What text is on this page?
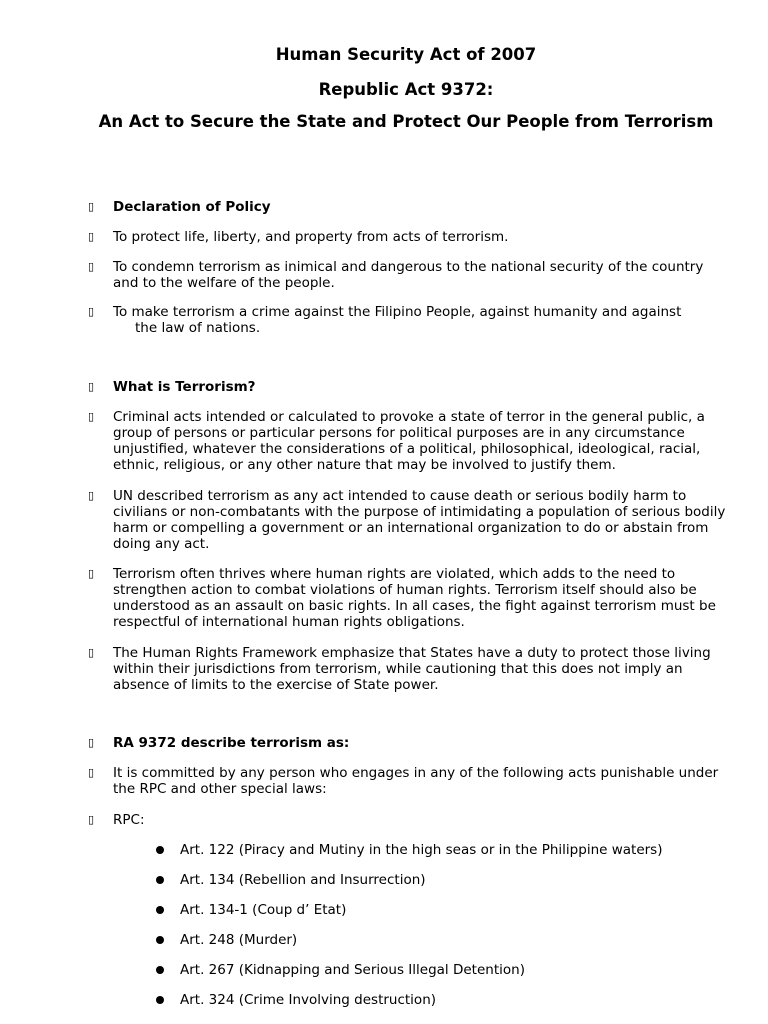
Human Security Act of 2007
Republic Act 9372:
An Act to Secure the State and Protect Our People from Terrorism
▯	Declaration of Policy
▯	To protect life, liberty, and property from acts of terrorism.
▯	To condemn terrorism as inimical and dangerous to the national security of the country and to the welfare of the people.
▯	To make terrorism a crime against the Filipino People, against humanity and against
the law of nations.
▯	What is Terrorism?
▯	Criminal acts intended or calculated to provoke a state of terror in the general public, a group of persons or particular persons for political purposes are in any circumstance unjustified, whatever the considerations of a political, philosophical, ideological, racial, ethnic, religious, or any other nature that may be involved to justify them.
▯	UN described terrorism as any act intended to cause death or serious bodily harm to civilians or non-combatants with the purpose of intimidating a population of serious bodily harm or compelling a government or an international organization to do or abstain from doing any act.
▯	Terrorism often thrives where human rights are violated, which adds to the need to strengthen action to combat violations of human rights. Terrorism itself should also be understood as an assault on basic rights. In all cases, the fight against terrorism must be respectful of international human rights obligations.
▯	The Human Rights Framework emphasize that States have a duty to protect those living within their jurisdictions from terrorism, while cautioning that this does not imply an absence of limits to the exercise of State power.
▯	RA 9372 describe terrorism as:
▯	It is committed by any person who engages in any of the following acts punishable under the RPC and other special laws:
▯	RPC:
Art. 122 (Piracy and Mutiny in the high seas or in the Philippine waters)
Art. 134 (Rebellion and Insurrection)
Art. 134-1 (Coup d’ Etat)
Art. 248 (Murder)
Art. 267 (Kidnapping and Serious Illegal Detention)
Art. 324 (Crime Involving destruction)
